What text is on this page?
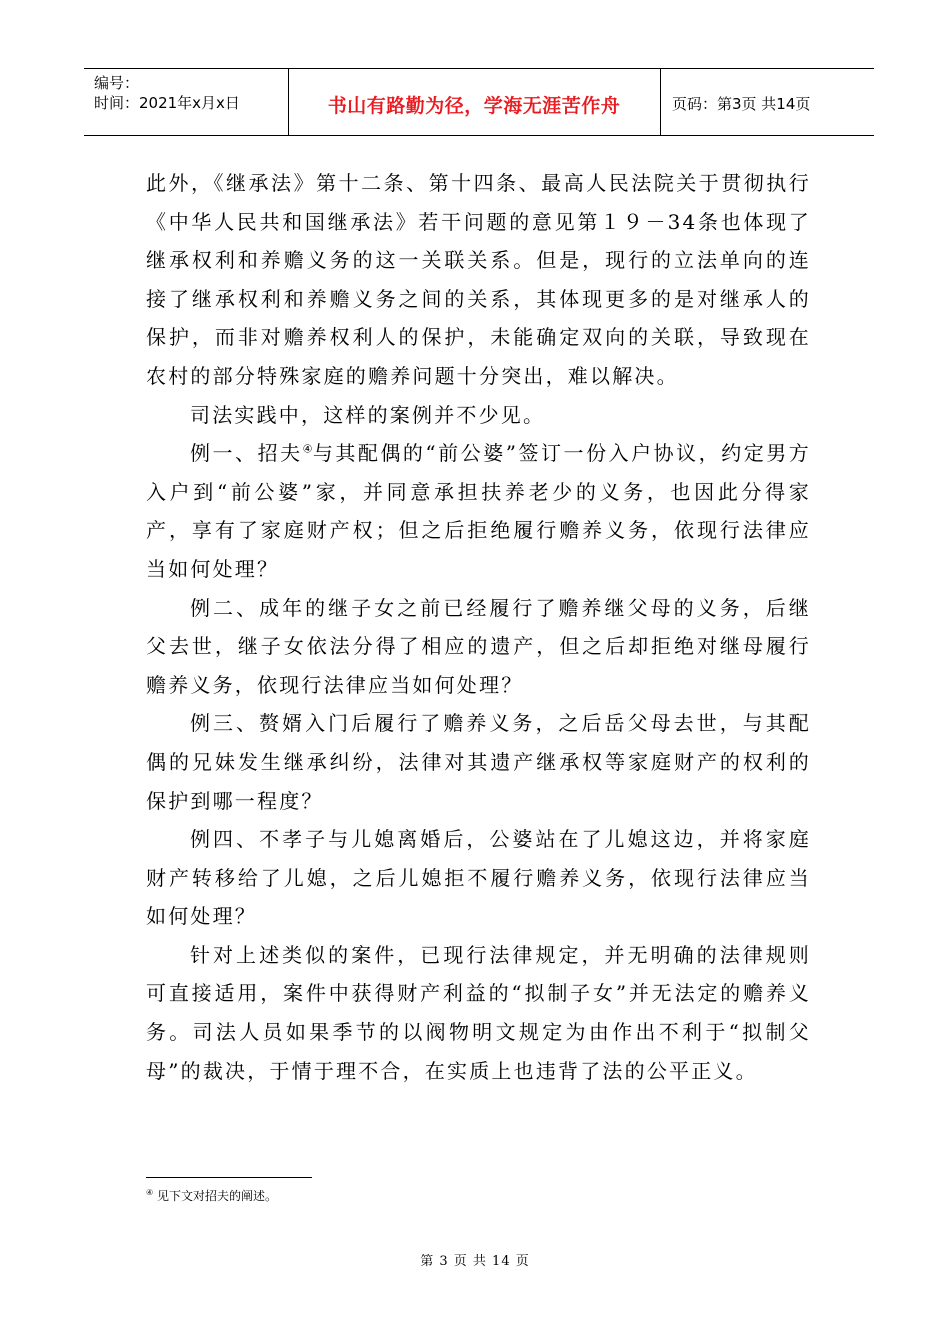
编号：
时间：2021年x月x日	书山有路勤为径，学海无涯苦作舟	页码：第3页 共14页

此外，《继承法》第十二条、第十四条、最高人民法院关于贯彻执行《中华人民共和国继承法》若干问题的意见第１９－34条也体现了继承权利和养赡义务的这一关联关系。但是，现行的立法单向的连接了继承权利和养赡义务之间的关系，其体现更多的是对继承人的保护，而非对赡养权利人的保护，未能确定双向的关联，导致现在农村的部分特殊家庭的赡养问题十分突出，难以解决。

司法实践中，这样的案例并不少见。

例一、招夫④与其配偶的“前公婆”签订一份入户协议，约定男方入户到“前公婆”家，并同意承担扶养老少的义务，也因此分得家产，享有了家庭财产权；但之后拒绝履行赡养义务，依现行法律应当如何处理？

例二、成年的继子女之前已经履行了赡养继父母的义务，后继父去世，继子女依法分得了相应的遗产，但之后却拒绝对继母履行赡养义务，依现行法律应当如何处理？

例三、赘婿入门后履行了赡养义务，之后岳父母去世，与其配偶的兄妹发生继承纠纷，法律对其遗产继承权等家庭财产的权利的保护到哪一程度？

例四、不孝子与儿媳离婚后，公婆站在了儿媳这边，并将家庭财产转移给了儿媳，之后儿媳拒不履行赡养义务，依现行法律应当如何处理？

针对上述类似的案件，已现行法律规定，并无明确的法律规则可直接适用，案件中获得财产利益的“拟制子女”并无法定的赡养义务。司法人员如果季节的以阀物明文规定为由作出不利于“拟制父母”的裁决，于情于理不合，在实质上也违背了法的公平正义。

④ 见下文对招夫的阐述。
第 3 页 共 14 页
